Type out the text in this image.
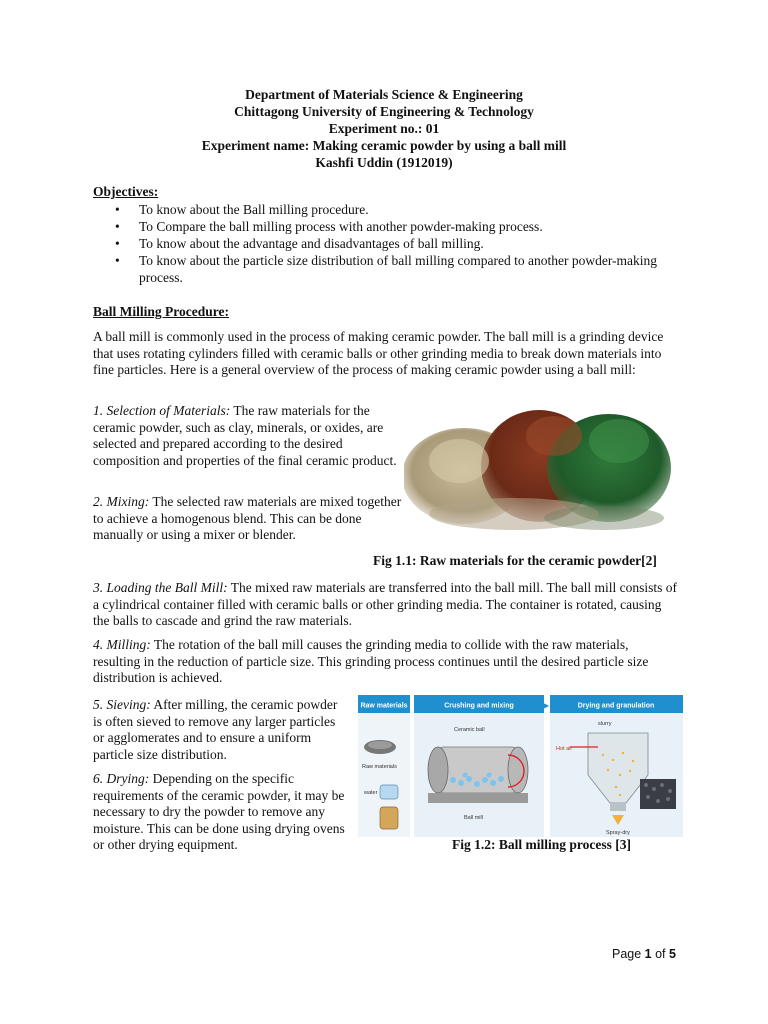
Department of Materials Science & Engineering
Chittagong University of Engineering & Technology
Experiment no.: 01
Experiment name: Making ceramic powder by using a ball mill
Kashfi Uddin (1912019)
Objectives:
• To know about the Ball milling procedure.
• To Compare the ball milling process with another powder-making process.
• To know about the advantage and disadvantages of ball milling.
• To know about the particle size distribution of ball milling compared to another powder-making process.
Ball Milling Procedure:
A ball mill is commonly used in the process of making ceramic powder. The ball mill is a grinding device that uses rotating cylinders filled with ceramic balls or other grinding media to break down materials into fine particles. Here is a general overview of the process of making ceramic powder using a ball mill:
1. Selection of Materials: The raw materials for the ceramic powder, such as clay, minerals, or oxides, are selected and prepared according to the desired composition and properties of the final ceramic product.
2. Mixing: The selected raw materials are mixed together to achieve a homogenous blend. This can be done manually or using a mixer or blender.
Fig 1.1: Raw materials for the ceramic powder[2]
3. Loading the Ball Mill: The mixed raw materials are transferred into the ball mill. The ball mill consists of a cylindrical container filled with ceramic balls or other grinding media. The container is rotated, causing the balls to cascade and grind the raw materials.
4. Milling: The rotation of the ball mill causes the grinding media to collide with the raw materials, resulting in the reduction of particle size. This grinding process continues until the desired particle size distribution is achieved.
5. Sieving: After milling, the ceramic powder is often sieved to remove any larger particles or agglomerates and to ensure a uniform particle size distribution.
6. Drying: Depending on the specific requirements of the ceramic powder, it may be necessary to dry the powder to remove any moisture. This can be done using drying ovens or other drying equipment.
Raw materials	Crushing and mixing	Drying and granulation
▶
Raw materials
water
Ceramic ball
Ball mill
slurry
Hot air
Spray-dry
Fig 1.2: Ball milling process [3]
Page 1 of 5
